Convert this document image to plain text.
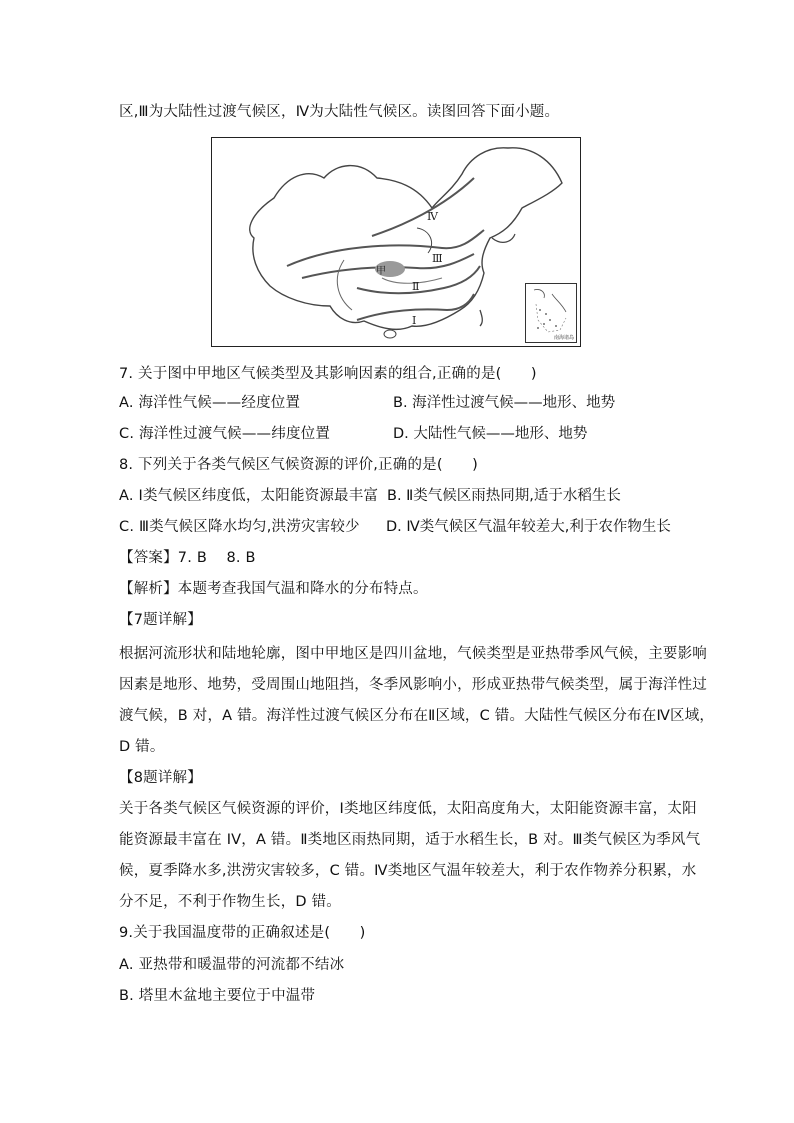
区,Ⅲ为大陆性过渡气候区，Ⅳ为大陆性气候区。读图回答下面小题。
Ⅳ
Ⅲ
Ⅱ
Ⅰ
甲
南海诸岛
7. 关于图中甲地区气候类型及其影响因素的组合,正确的是(　　)
A. 海洋性气候——经度位置	B. 海洋性过渡气候——地形、地势
C. 海洋性过渡气候——纬度位置	D. 大陆性气候——地形、地势
8. 下列关于各类气候区气候资源的评价,正确的是(　　)
A. Ⅰ类气候区纬度低，太阳能资源最丰富 B. Ⅱ类气候区雨热同期,适于水稻生长
C. Ⅲ类气候区降水均匀,洪涝灾害较少 D. Ⅳ类气候区气温年较差大,利于农作物生长
【答案】7. B　 8. B
【解析】本题考查我国气温和降水的分布特点。
【7题详解】
根据河流形状和陆地轮廓，图中甲地区是四川盆地，气候类型是亚热带季风气候，主要影响
因素是地形、地势，受周围山地阻挡，冬季风影响小，形成亚热带气候类型，属于海洋性过
渡气候，B 对，A 错。海洋性过渡气候区分布在Ⅱ区域，C 错。大陆性气候区分布在Ⅳ区域，
D 错。
【8题详解】
关于各类气候区气候资源的评价，Ⅰ类地区纬度低，太阳高度角大，太阳能资源丰富，太阳
能资源最丰富在 IV，A 错。Ⅱ类地区雨热同期，适于水稻生长，B 对。Ⅲ类气候区为季风气
候，夏季降水多,洪涝灾害较多，C 错。Ⅳ类地区气温年较差大，利于农作物养分积累，水
分不足，不利于作物生长，D 错。
9.关于我国温度带的正确叙述是(　　)
A. 亚热带和暖温带的河流都不结冰
B. 塔里木盆地主要位于中温带
